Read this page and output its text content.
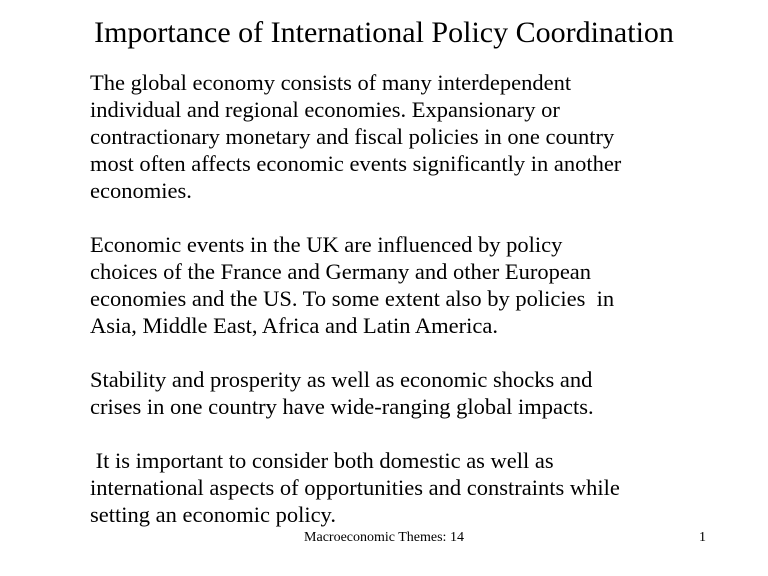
Importance of International Policy Coordination

The global economy consists of many interdependent
individual and regional economies. Expansionary or
contractionary monetary and fiscal policies in one country
most often affects economic events significantly in another
economies.

Economic events in the UK are influenced by policy
choices of the France and Germany and other European
economies and the US. To some extent also by policies  in
Asia, Middle East, Africa and Latin America.

Stability and prosperity as well as economic shocks and
crises in one country have wide-ranging global impacts.

It is important to consider both domestic as well as
international aspects of opportunities and constraints while
setting an economic policy.

Macroeconomic Themes: 14	1
